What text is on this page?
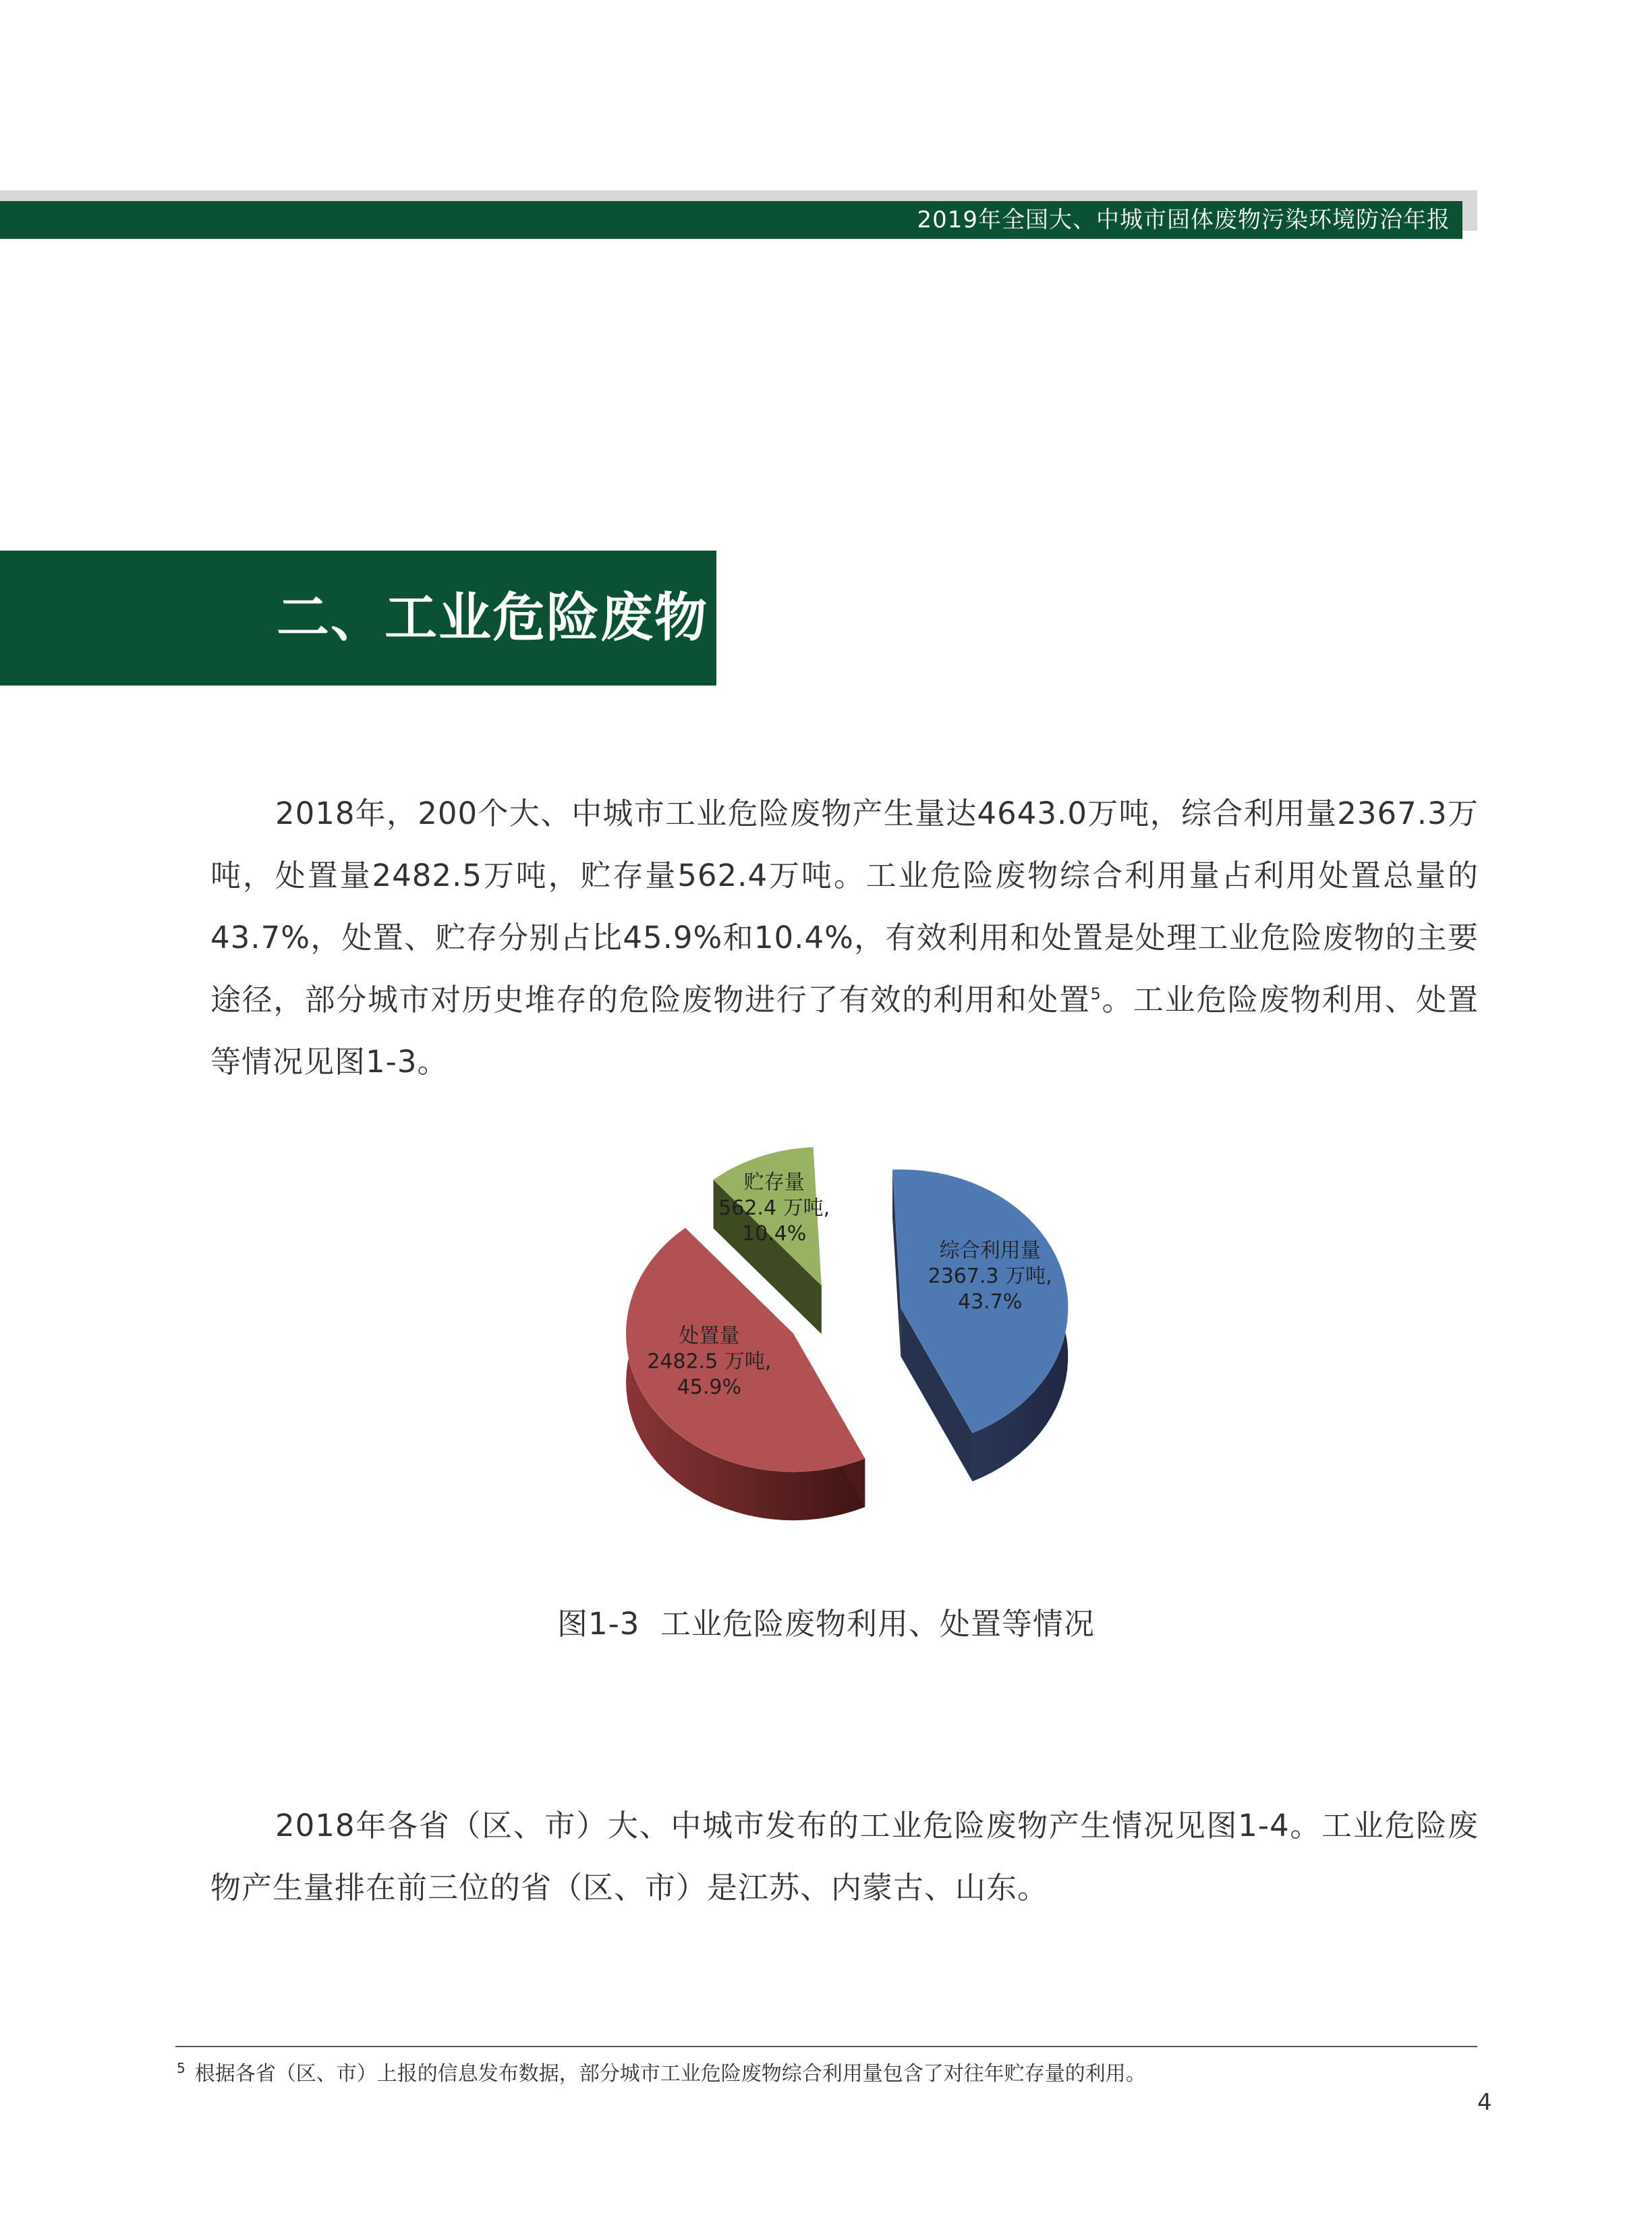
2019年全国大、中城市固体废物污染环境防治年报
二、工业危险废物
2018年，200个大、中城市工业危险废物产生量达4643.0万吨，综合利用量2367.3万吨，处置量2482.5万吨，贮存量562.4万吨。工业危险废物综合利用量占利用处置总量的43.7%，处置、贮存分别占比45.9%和10.4%，有效利用和处置是处理工业危险废物的主要途径，部分城市对历史堆存的危险废物进行了有效的利用和处置$^5$。工业危险废物利用、处置等情况见图1-3。
综合利用量 2367.3 万吨, 43.7%
处置量 2482.5 万吨, 45.9%
贮存量 562.4 万吨, 10.4%
图1-3  工业危险废物利用、处置等情况
2018年各省（区、市）大、中城市发布的工业危险废物产生情况见图1-4。工业危险废物产生量排在前三位的省（区、市）是江苏、内蒙古、山东。
$^5$ 根据各省（区、市）上报的信息发布数据，部分城市工业危险废物综合利用量包含了对往年贮存量的利用。
4
